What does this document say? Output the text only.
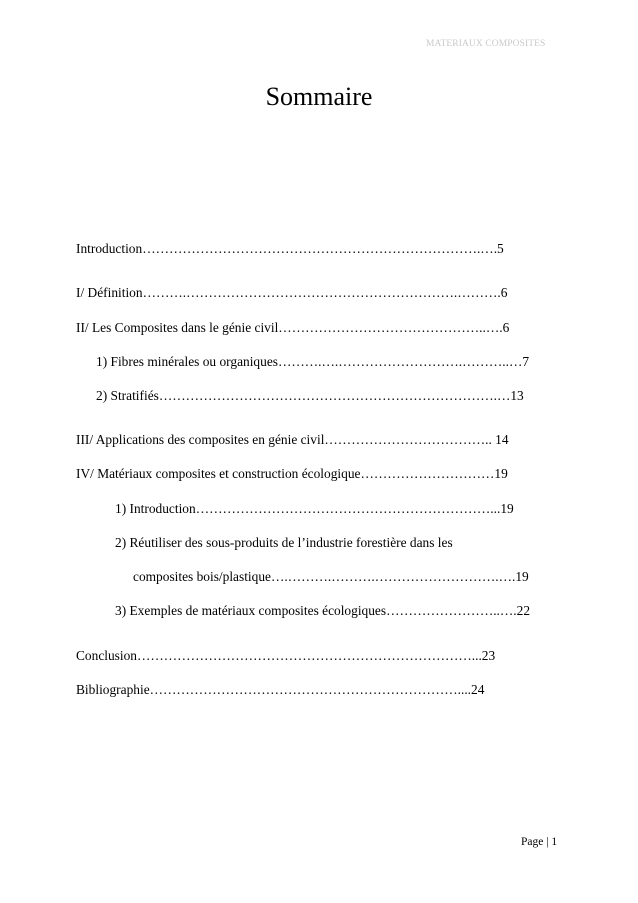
MATERIAUX COMPOSITES
Sommaire
Introduction………………………………………………………………….….5
I/ Définition……….…………………………………………………….……….6
II/ Les Composites dans le génie civil………………………………………..….6
1) Fibres minérales ou organiques……….….……………………….………..…7
2) Stratifiés………………………………………………………………….…13
III/ Applications des composites en génie civil……………………………….. 14
IV/ Matériaux composites et construction écologique…………………………19
1) Introduction…………………………………………………………...19
2) Réutiliser des sous-produits de l’industrie forestière dans les
composites bois/plastique….……….……….……………………….….19
3) Exemples de matériaux composites écologiques……………………..….22
Conclusion…………………………………………………………………...23
Bibliographie……………………………………………………………....24
Page | 1
